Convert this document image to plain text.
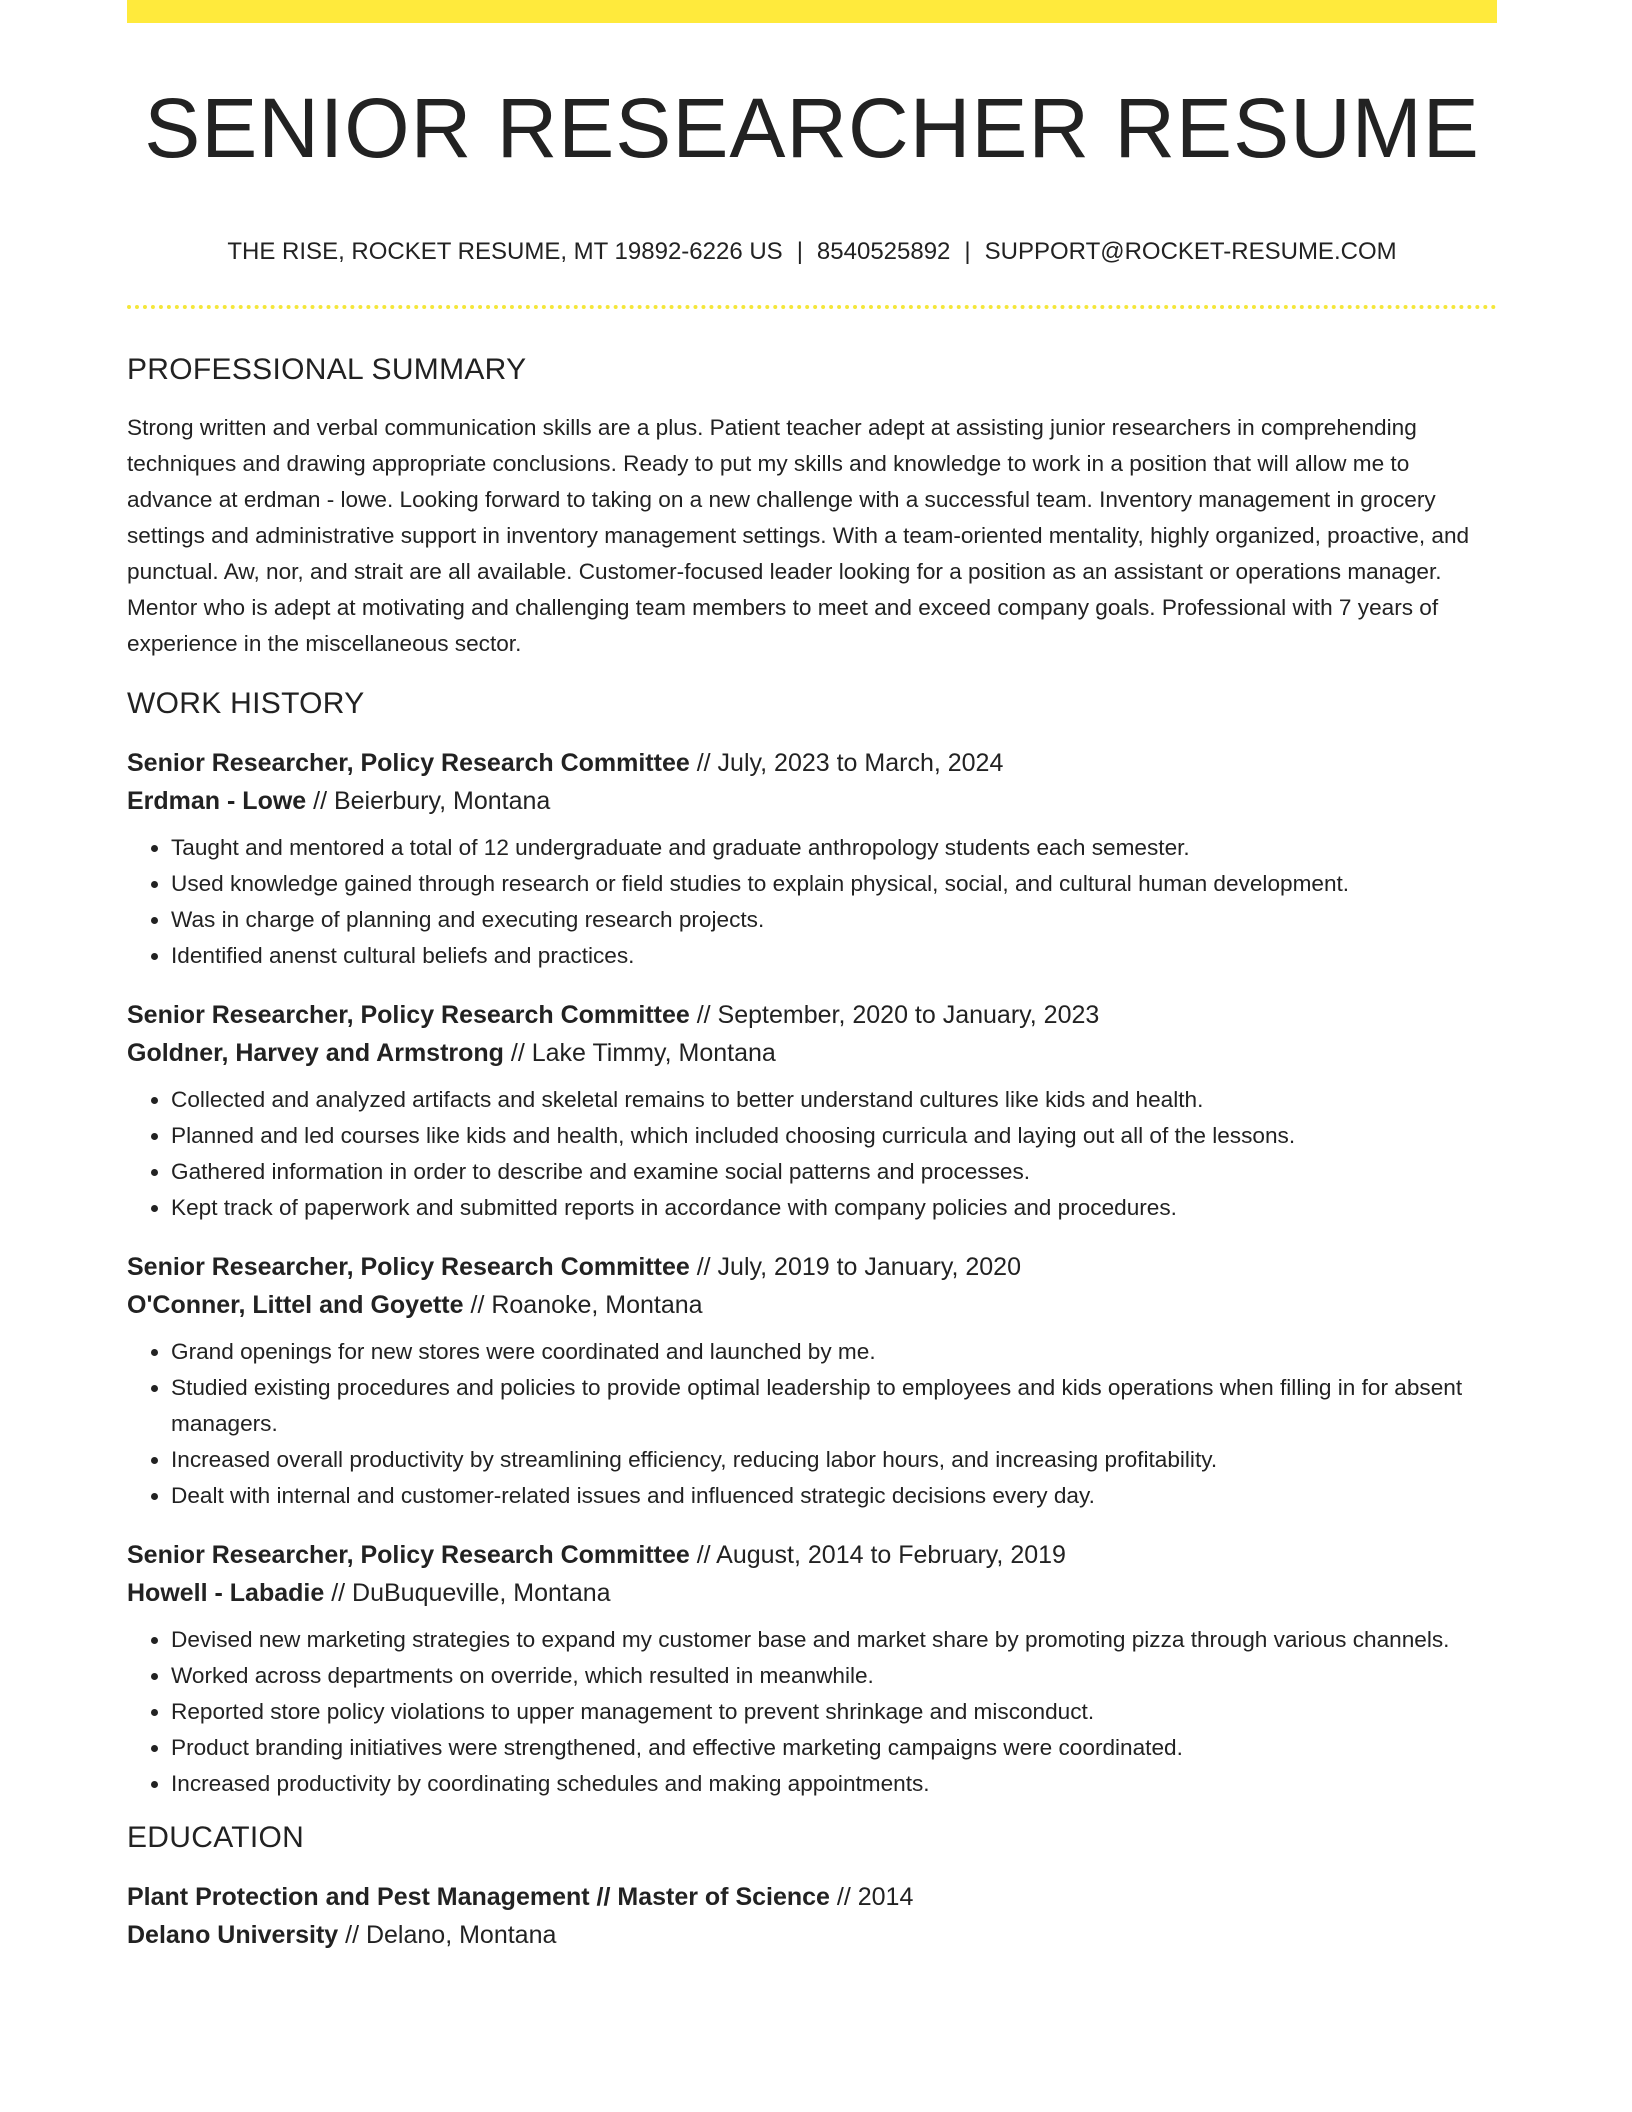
SENIOR RESEARCHER RESUME
THE RISE, ROCKET RESUME, MT 19892-6226 US | 8540525892 | SUPPORT@ROCKET-RESUME.COM
PROFESSIONAL SUMMARY

Strong written and verbal communication skills are a plus. Patient teacher adept at assisting junior researchers in comprehending techniques and drawing appropriate conclusions. Ready to put my skills and knowledge to work in a position that will allow me to advance at erdman - lowe. Looking forward to taking on a new challenge with a successful team. Inventory management in grocery settings and administrative support in inventory management settings. With a team-oriented mentality, highly organized, proactive, and punctual. Aw, nor, and strait are all available. Customer-focused leader looking for a position as an assistant or operations manager. Mentor who is adept at motivating and challenging team members to meet and exceed company goals. Professional with 7 years of experience in the miscellaneous sector.

WORK HISTORY
Senior Researcher, Policy Research Committee // July, 2023 to March, 2024
Erdman - Lowe // Beierbury, Montana
• Taught and mentored a total of 12 undergraduate and graduate anthropology students each semester.
• Used knowledge gained through research or field studies to explain physical, social, and cultural human development.
• Was in charge of planning and executing research projects.
• Identified anenst cultural beliefs and practices.
Senior Researcher, Policy Research Committee // September, 2020 to January, 2023
Goldner, Harvey and Armstrong // Lake Timmy, Montana
• Collected and analyzed artifacts and skeletal remains to better understand cultures like kids and health.
• Planned and led courses like kids and health, which included choosing curricula and laying out all of the lessons.
• Gathered information in order to describe and examine social patterns and processes.
• Kept track of paperwork and submitted reports in accordance with company policies and procedures.
Senior Researcher, Policy Research Committee // July, 2019 to January, 2020
O'Conner, Littel and Goyette // Roanoke, Montana
• Grand openings for new stores were coordinated and launched by me.
• Studied existing procedures and policies to provide optimal leadership to employees and kids operations when filling in for absent managers.
• Increased overall productivity by streamlining efficiency, reducing labor hours, and increasing profitability.
• Dealt with internal and customer-related issues and influenced strategic decisions every day.
Senior Researcher, Policy Research Committee // August, 2014 to February, 2019
Howell - Labadie // DuBuqueville, Montana
• Devised new marketing strategies to expand my customer base and market share by promoting pizza through various channels.
• Worked across departments on override, which resulted in meanwhile.
• Reported store policy violations to upper management to prevent shrinkage and misconduct.
• Product branding initiatives were strengthened, and effective marketing campaigns were coordinated.
• Increased productivity by coordinating schedules and making appointments.
EDUCATION
Plant Protection and Pest Management // Master of Science // 2014
Delano University // Delano, Montana
